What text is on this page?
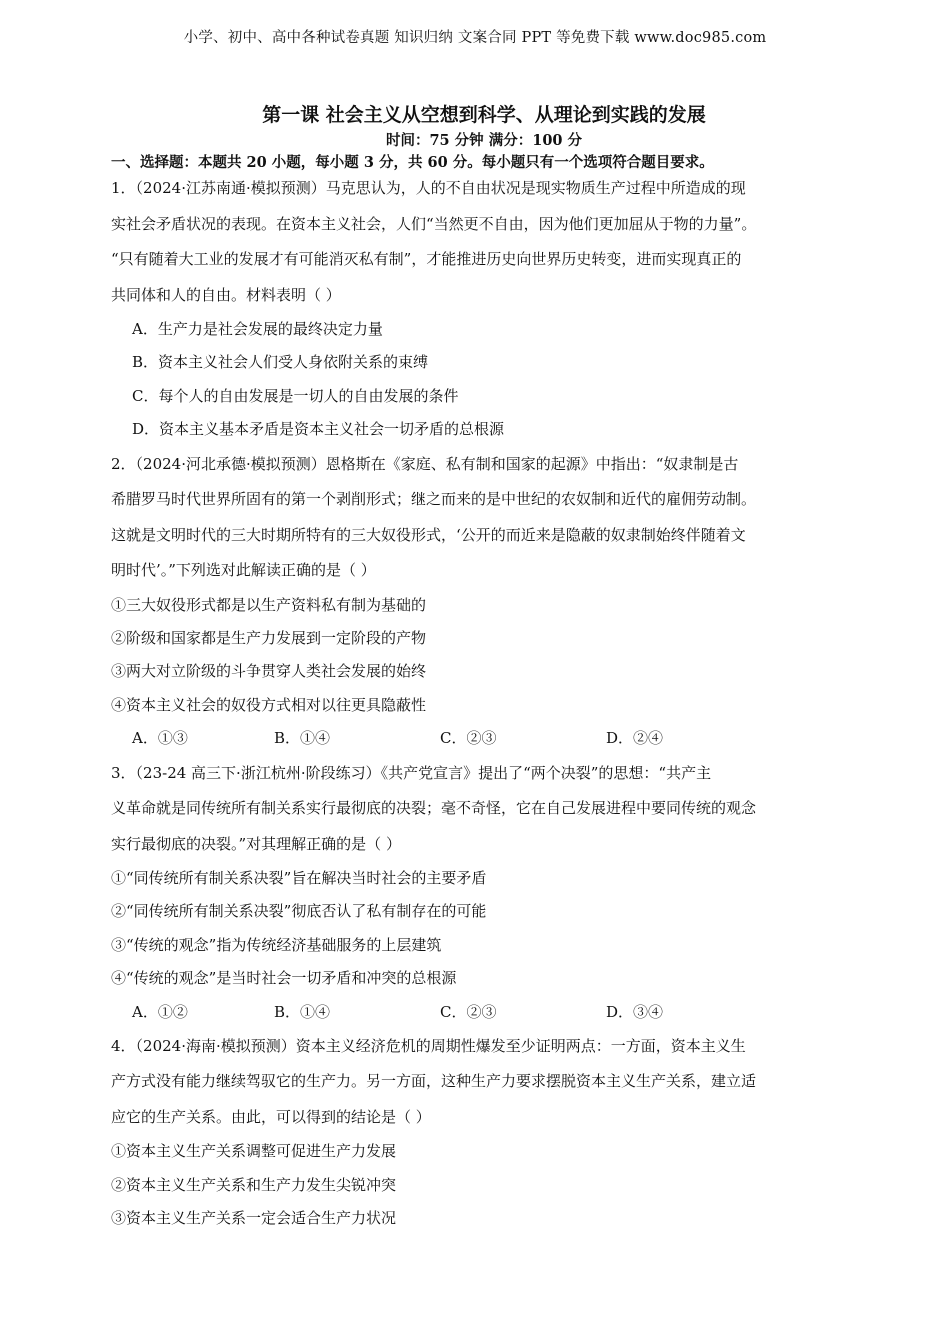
小学、初中、高中各种试卷真题 知识归纳 文案合同 PPT 等免费下载 www.doc985.com
第一课 社会主义从空想到科学、从理论到实践的发展
时间：75 分钟 满分：100 分
一、选择题：本题共 20 小题，每小题 3 分，共 60 分。每小题只有一个选项符合题目要求。
1．（2024·江苏南通·模拟预测）马克思认为，人的不自由状况是现实物质生产过程中所造成的现
实社会矛盾状况的表现。在资本主义社会，人们“当然更不自由，因为他们更加屈从于物的力量”。
“只有随着大工业的发展才有可能消灭私有制”，才能推进历史向世界历史转变，进而实现真正的
共同体和人的自由。材料表明（ ）
A．生产力是社会发展的最终决定力量
B．资本主义社会人们受人身依附关系的束缚
C．每个人的自由发展是一切人的自由发展的条件
D．资本主义基本矛盾是资本主义社会一切矛盾的总根源
2．（2024·河北承德·模拟预测）恩格斯在《家庭、私有制和国家的起源》中指出：“奴隶制是古
希腊罗马时代世界所固有的第一个剥削形式；继之而来的是中世纪的农奴制和近代的雇佣劳动制。
这就是文明时代的三大时期所特有的三大奴役形式，‘公开的而近来是隐蔽的奴隶制始终伴随着文
明时代’。”下列选对此解读正确的是（ ）
①三大奴役形式都是以生产资料私有制为基础的
②阶级和国家都是生产力发展到一定阶段的产物
③两大对立阶级的斗争贯穿人类社会发展的始终
④资本主义社会的奴役方式相对以往更具隐蔽性
A．①③	B．①④	C．②③	D．②④
3．（23-24 高三下·浙江杭州·阶段练习）《共产党宣言》提出了“两个决裂”的思想：“共产主
义革命就是同传统所有制关系实行最彻底的决裂；毫不奇怪，它在自己发展进程中要同传统的观念
实行最彻底的决裂。”对其理解正确的是（ ）
①“同传统所有制关系决裂”旨在解决当时社会的主要矛盾
②“同传统所有制关系决裂”彻底否认了私有制存在的可能
③“传统的观念”指为传统经济基础服务的上层建筑
④“传统的观念”是当时社会一切矛盾和冲突的总根源
A．①②	B．①④	C．②③	D．③④
4．（2024·海南·模拟预测）资本主义经济危机的周期性爆发至少证明两点：一方面，资本主义生
产方式没有能力继续驾驭它的生产力。另一方面，这种生产力要求摆脱资本主义生产关系，建立适
应它的生产关系。由此，可以得到的结论是（ ）
①资本主义生产关系调整可促进生产力发展
②资本主义生产关系和生产力发生尖锐冲突
③资本主义生产关系一定会适合生产力状况
